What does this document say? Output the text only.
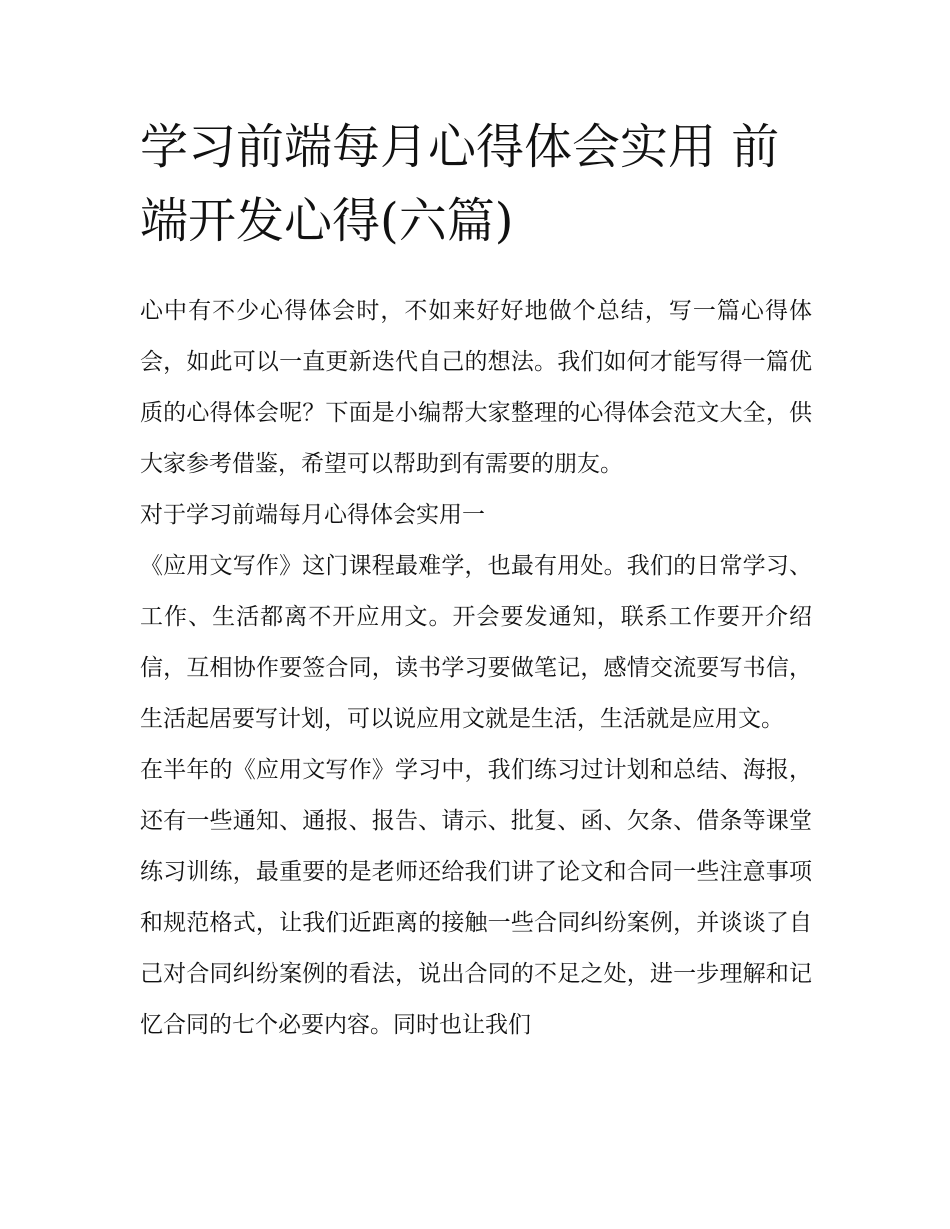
学习前端每月心得体会实用 前端开发心得(六篇)

心中有不少心得体会时，不如来好好地做个总结，写一篇心得体会，如此可以一直更新迭代自己的想法。我们如何才能写得一篇优质的心得体会呢？下面是小编帮大家整理的心得体会范文大全，供大家参考借鉴，希望可以帮助到有需要的朋友。

对于学习前端每月心得体会实用一

《应用文写作》这门课程最难学，也最有用处。我们的日常学习、工作、生活都离不开应用文。开会要发通知，联系工作要开介绍信，互相协作要签合同，读书学习要做笔记，感情交流要写书信，生活起居要写计划，可以说应用文就是生活，生活就是应用文。

在半年的《应用文写作》学习中，我们练习过计划和总结、海报，还有一些通知、通报、报告、请示、批复、函、欠条、借条等课堂练习训练，最重要的是老师还给我们讲了论文和合同一些注意事项和规范格式，让我们近距离的接触一些合同纠纷案例，并谈谈了自己对合同纠纷案例的看法，说出合同的不足之处，进一步理解和记忆合同的七个必要内容。同时也让我们
